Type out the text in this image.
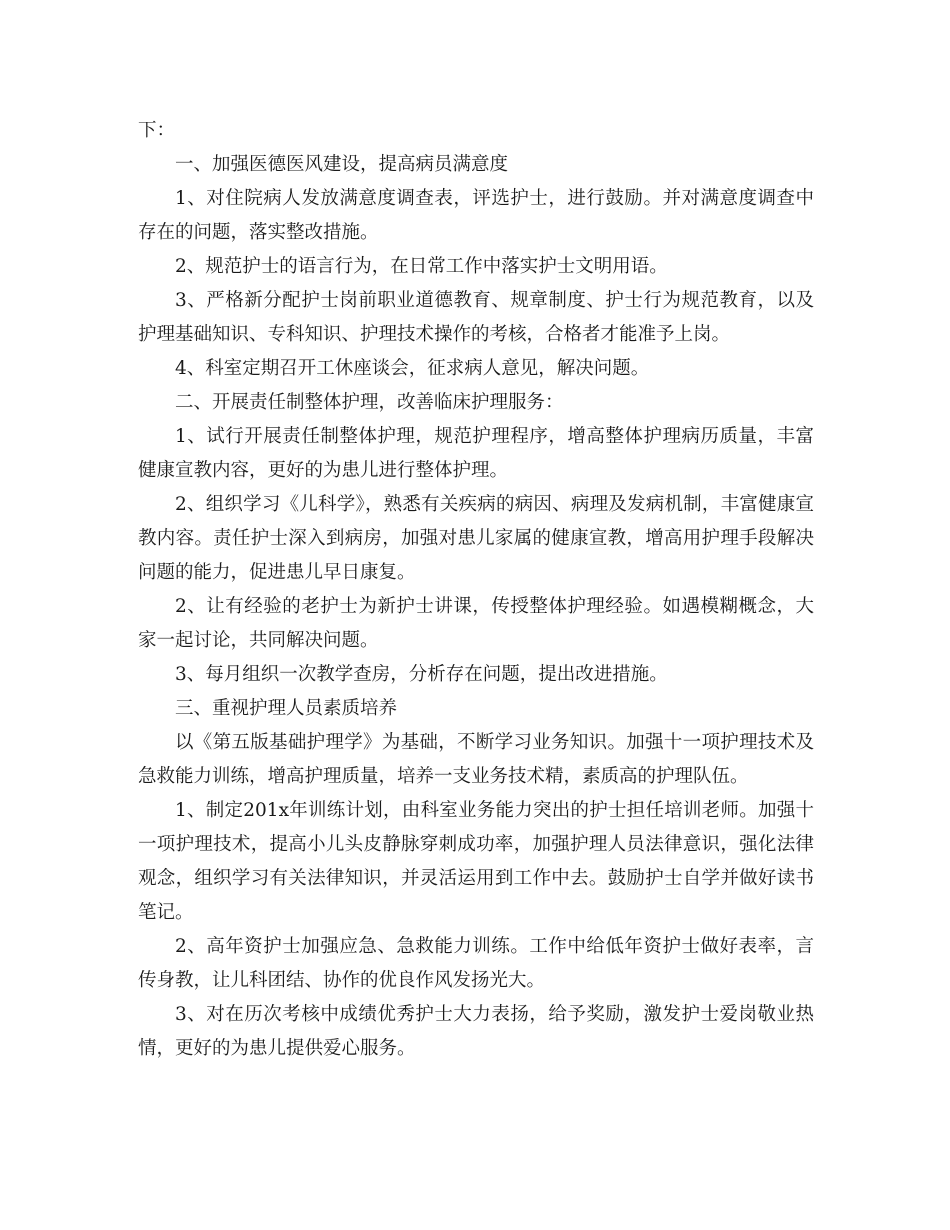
下：

一、加强医德医风建设，提高病员满意度

1、对住院病人发放满意度调查表，评选护士，进行鼓励。并对满意度调查中存在的问题，落实整改措施。

2、规范护士的语言行为，在日常工作中落实护士文明用语。

3、严格新分配护士岗前职业道德教育、规章制度、护士行为规范教育，以及护理基础知识、专科知识、护理技术操作的考核，合格者才能准予上岗。

4、科室定期召开工休座谈会，征求病人意见，解决问题。

二、开展责任制整体护理，改善临床护理服务：

1、试行开展责任制整体护理，规范护理程序，增高整体护理病历质量，丰富健康宣教内容，更好的为患儿进行整体护理。

2、组织学习《儿科学》，熟悉有关疾病的病因、病理及发病机制，丰富健康宣教内容。责任护士深入到病房，加强对患儿家属的健康宣教，增高用护理手段解决问题的能力，促进患儿早日康复。

2、让有经验的老护士为新护士讲课，传授整体护理经验。如遇模糊概念，大家一起讨论，共同解决问题。

3、每月组织一次教学查房，分析存在问题，提出改进措施。

三、重视护理人员素质培养

以《第五版基础护理学》为基础，不断学习业务知识。加强十一项护理技术及急救能力训练，增高护理质量，培养一支业务技术精，素质高的护理队伍。

1、制定201x年训练计划，由科室业务能力突出的护士担任培训老师。加强十一项护理技术，提高小儿头皮静脉穿刺成功率，加强护理人员法律意识，强化法律观念，组织学习有关法律知识，并灵活运用到工作中去。鼓励护士自学并做好读书笔记。

2、高年资护士加强应急、急救能力训练。工作中给低年资护士做好表率，言传身教，让儿科团结、协作的优良作风发扬光大。

3、对在历次考核中成绩优秀护士大力表扬，给予奖励，激发护士爱岗敬业热情，更好的为患儿提供爱心服务。
